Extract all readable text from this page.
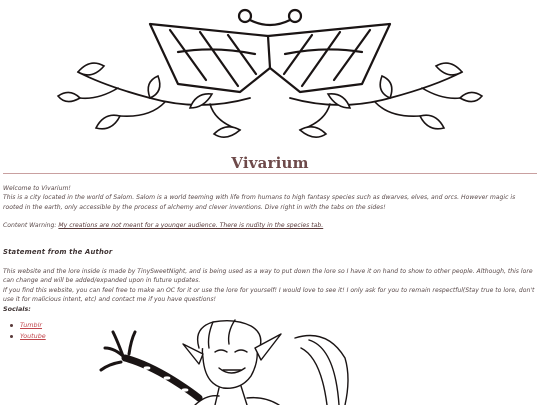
Vivarium

Welcome to Vivarium!

This is a city located in the world of Salom. Salom is a world teeming with life from humans to high fantasy species such as dwarves, elves, and orcs. However magic is rooted in the earth, only accessible by the process of alchemy and clever inventions. Dive right in with the tabs on the sides!

Content Warning: My creations are not meant for a younger audience. There is nudity in the species tab.

Statement from the Author

This website and the lore inside is made by TinySweetNight, and is being used as a way to put down the lore so I have it on hand to show to other people. Although, this lore can change and will be added/expanded upon in future updates.

If you find this website, you can feel free to make an OC for it or use the lore for yourself! I would love to see it! I only ask for you to remain respectful(Stay true to lore, don't use it for malicious intent, etc) and contact me if you have questions!

Socials:

Tumblr
Youtube
